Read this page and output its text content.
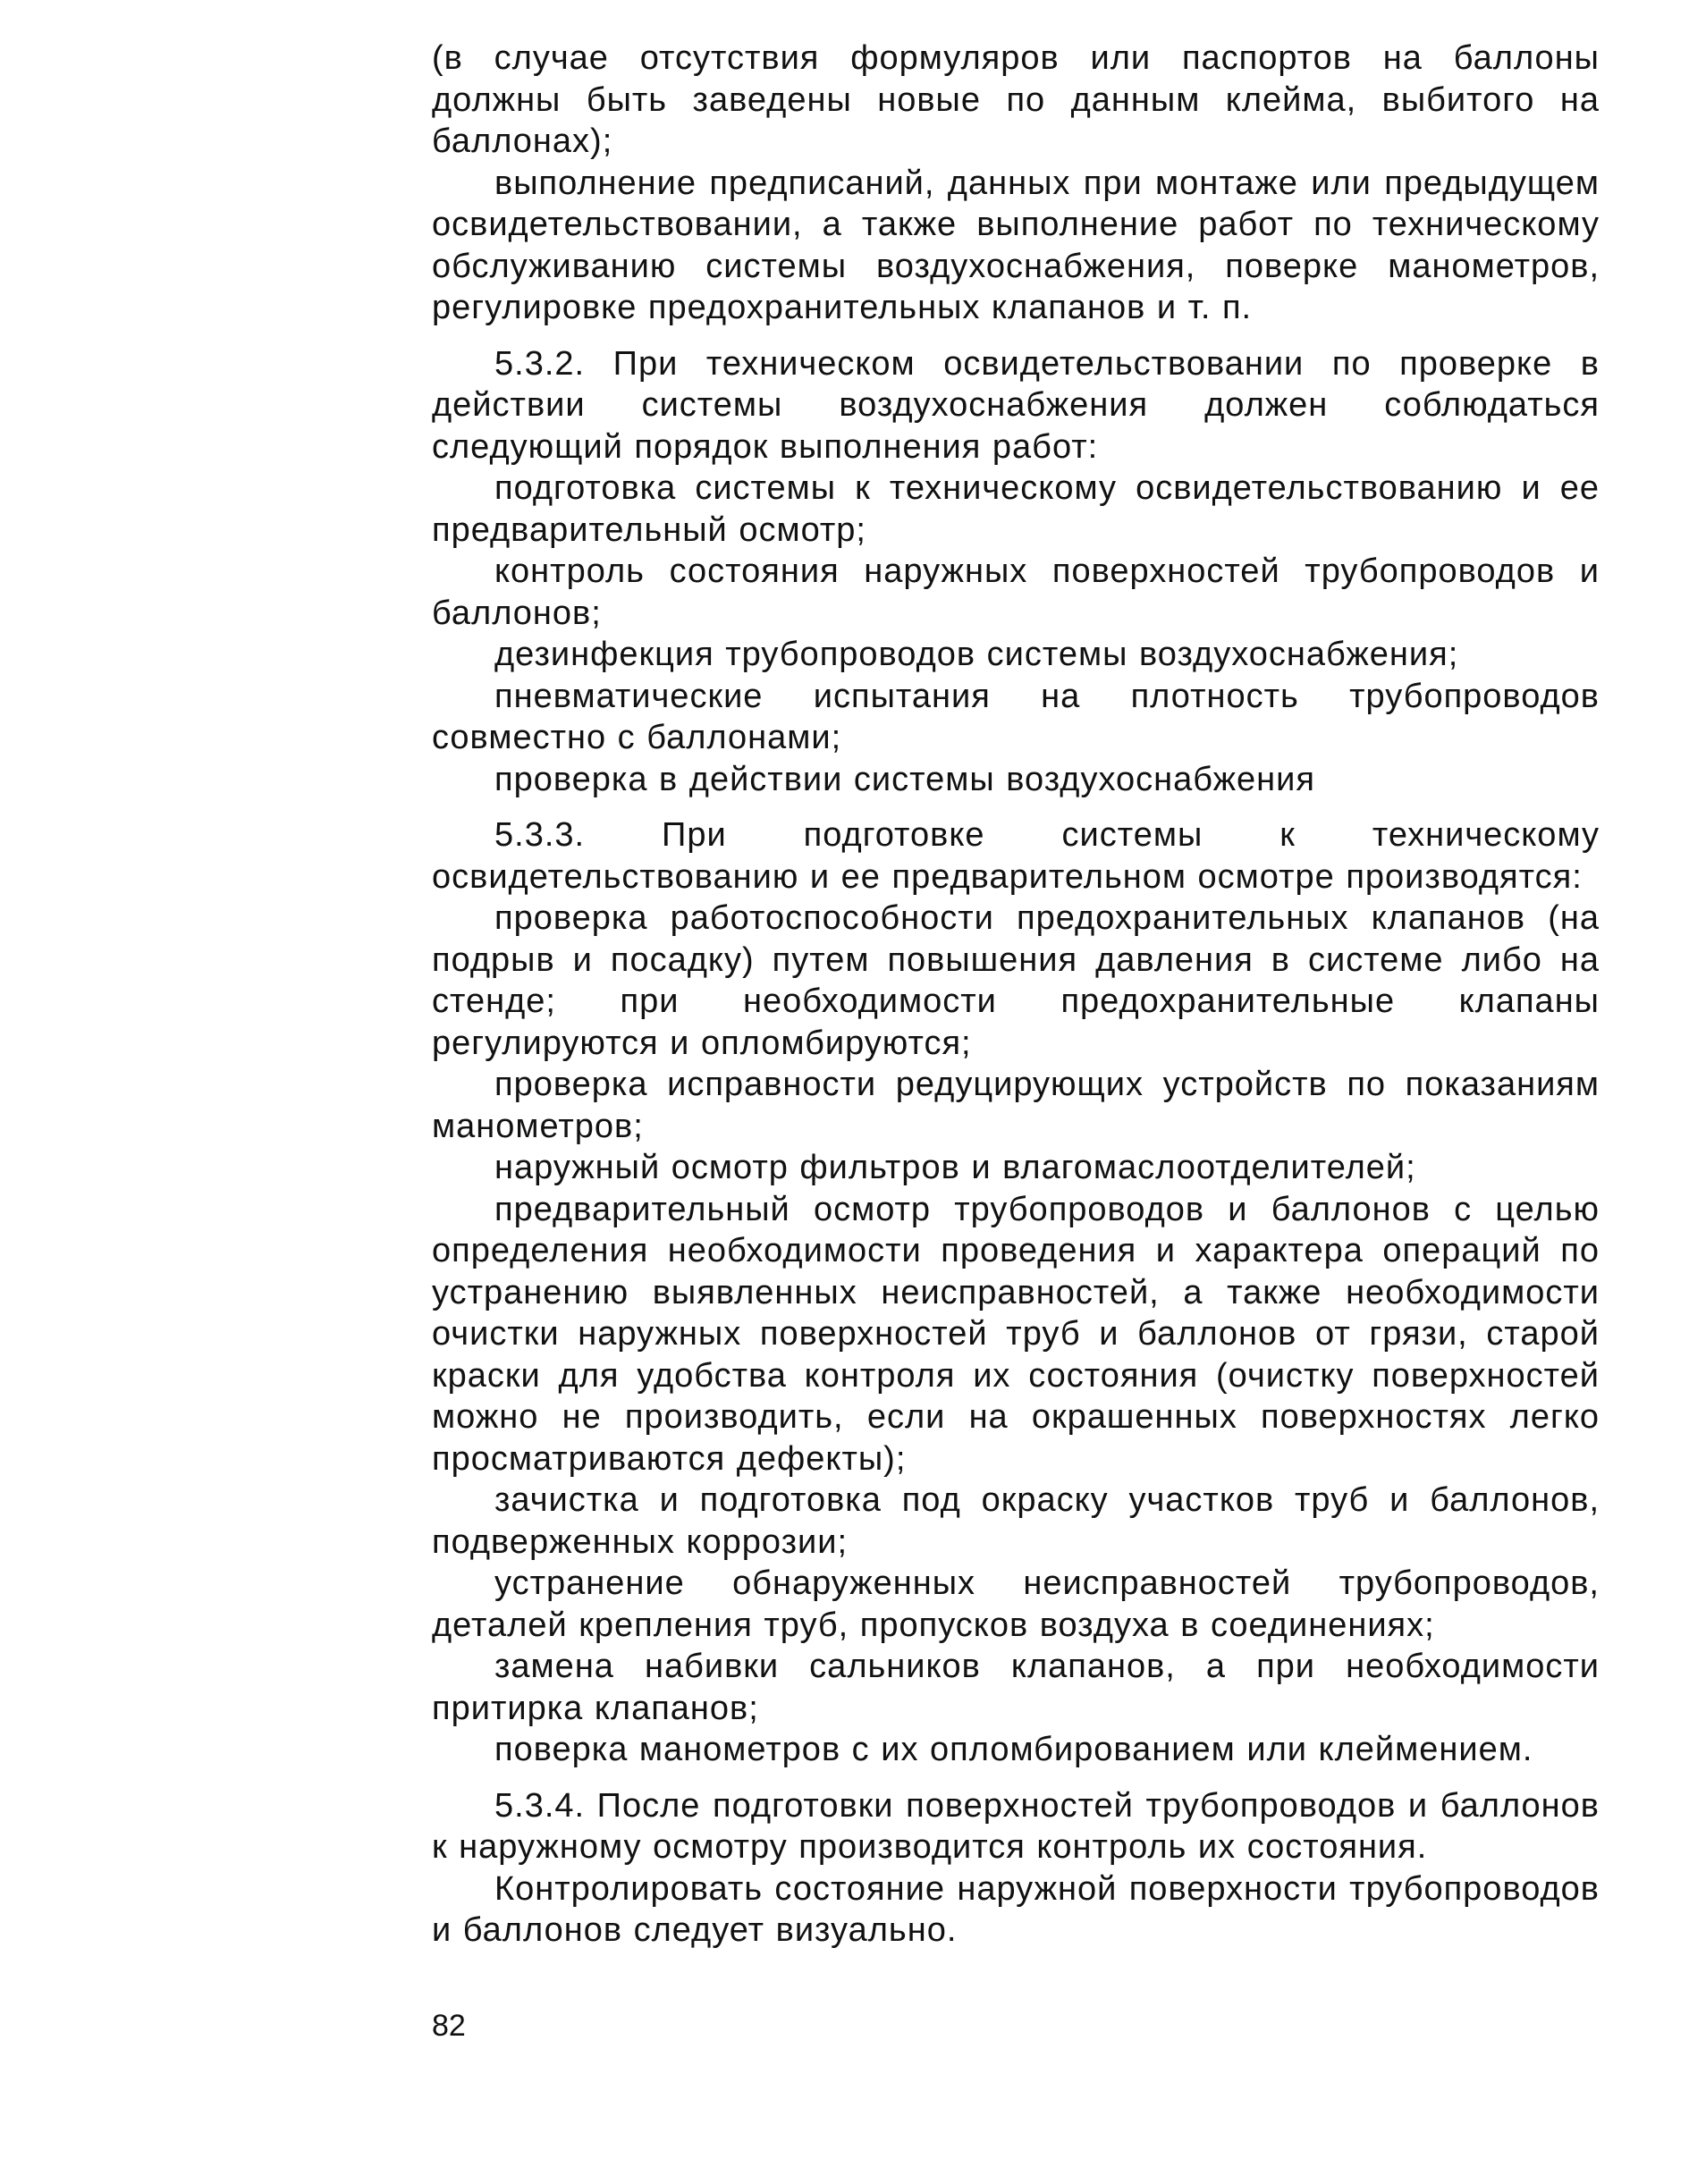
(в случае отсутствия формуляров или паспортов на баллоны должны быть заведены новые по данным клейма, выбитого на баллонах);

выполнение предписаний, данных при монтаже или предыдущем освидетельствовании, а также выполнение работ по техническому обслуживанию системы воздухоснабжения, поверке манометров, регулировке предохранительных клапанов и т. п.

5.3.2. При техническом освидетельствовании по проверке в действии системы воздухоснабжения должен соблюдаться следующий порядок выполнения работ:

подготовка системы к техническому освидетельствованию и ее предварительный осмотр;

контроль состояния наружных поверхностей трубопроводов и баллонов;

дезинфекция трубопроводов системы воздухоснабжения;

пневматические испытания на плотность трубопроводов совместно с баллонами;

проверка в действии системы воздухоснабжения

5.3.3. При подготовке системы к техническому освидетельствованию и ее предварительном осмотре производятся:

проверка работоспособности предохранительных клапанов (на подрыв и посадку) путем повышения давления в системе либо на стенде; при необходимости предохранительные клапаны регулируются и опломбируются;

проверка исправности редуцирующих устройств по показаниям манометров;

наружный осмотр фильтров и влагомаслоотделителей;

предварительный осмотр трубопроводов и баллонов с целью определения необходимости проведения и характера операций по устранению выявленных неисправностей, а также необходимости очистки наружных поверхностей труб и баллонов от грязи, старой краски для удобства контроля их состояния (очистку поверхностей можно не производить, если на окрашенных поверхностях легко просматриваются дефекты);

зачистка и подготовка под окраску участков труб и баллонов, подверженных коррозии;

устранение обнаруженных неисправностей трубопроводов, деталей крепления труб, пропусков воздуха в соединениях;

замена набивки сальников клапанов, а при необходимости притирка клапанов;

поверка манометров с их опломбированием или клеймением.

5.3.4. После подготовки поверхностей трубопроводов и баллонов к наружному осмотру производится контроль их состояния.

Контролировать состояние наружной поверхности трубопроводов и баллонов следует визуально.

82
